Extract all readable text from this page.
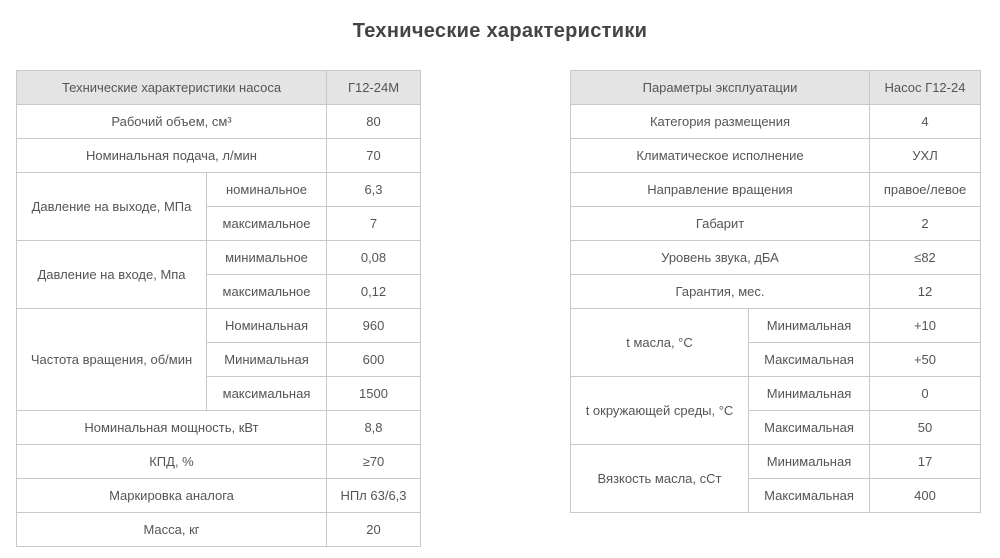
Технические характеристики
Технические характеристики насоса		Г12-24М
Рабочий объем, см³		80
Номинальная подача, л/мин		70
Давление на выходе, МПа	номинальное	6,3
	максимальное	7
Давление на входе, Мпа	минимальное	0,08
	максимальное	0,12
Частота вращения, об/мин	Номинальная	960
	Минимальная	600
	максимальная	1500
Номинальная мощность, кВт		8,8
КПД, %		≥70
Маркировка аналога		НПл 63/6,3
Масса, кг		20
Параметры эксплуатации		Насос Г12-24
Категория размещения		4
Климатическое исполнение		УХЛ
Направление вращения		правое/левое
Габарит		2
Уровень звука, дБА		≤82
Гарантия, мес.		12
t масла, °C	Минимальная	+10
	Максимальная	+50
t окружающей среды, °C	Минимальная	0
	Максимальная	50
Вязкость масла, сСт	Минимальная	17
	Максимальная	400
